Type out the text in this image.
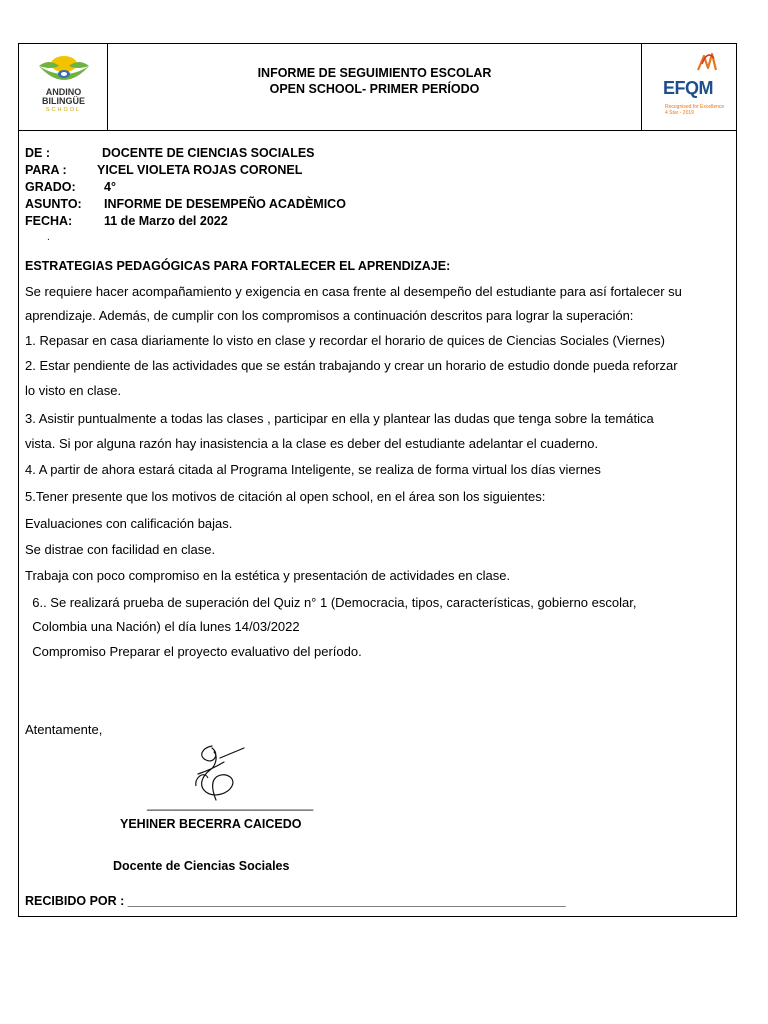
ANDINO
BILINGÜE
SCHOOL
INFORME DE SEGUIMIENTO ESCOLAR
OPEN SCHOOL- PRIMER PERÍODO	EFQM
Recognised for Excellence
4 Star - 2019
DE :	DOCENTE DE CIENCIAS SOCIALES
PARA : YICEL VIOLETA ROJAS CORONEL
GRADO: 4°
ASUNTO: INFORME DE DESEMPEÑO ACADÈMICO
FECHA:	11 de Marzo del 2022
.
ESTRATEGIAS PEDAGÓGICAS PARA FORTALECER EL APRENDIZAJE:
Se requiere hacer acompañamiento y exigencia en casa frente al desempeño del estudiante para así fortalecer su
aprendizaje. Además, de cumplir con los compromisos a continuación descritos para lograr la superación:
1. Repasar en casa diariamente lo visto en clase y recordar el horario de quices de Ciencias Sociales (Viernes)
2. Estar pendiente de las actividades que se están trabajando y crear un horario de estudio donde pueda reforzar
lo visto en clase.
3. Asistir puntualmente a todas las clases , participar en ella y plantear las dudas que tenga sobre la temática
vista. Si por alguna razón hay inasistencia a la clase es deber del estudiante adelantar el cuaderno.
4. A partir de ahora estará citada al Programa Inteligente, se realiza de forma virtual los días viernes
5.Tener presente que los motivos de citación al open school, en el área son los siguientes:
Evaluaciones con calificación bajas.
Se distrae con facilidad en clase.
Trabaja con poco compromiso en la estética y presentación de actividades en clase.
6.. Se realizará prueba de superación del Quiz n° 1 (Democracia, tipos, características, gobierno escolar,
Colombia una Nación) el día lunes 14/03/2022
Compromiso Preparar el proyecto evaluativo del período.
Atentamente,
_______________________
YEHINER BECERRA CAICEDO
Docente de Ciencias Sociales
RECIBIDO POR : _______________________________________________________________
